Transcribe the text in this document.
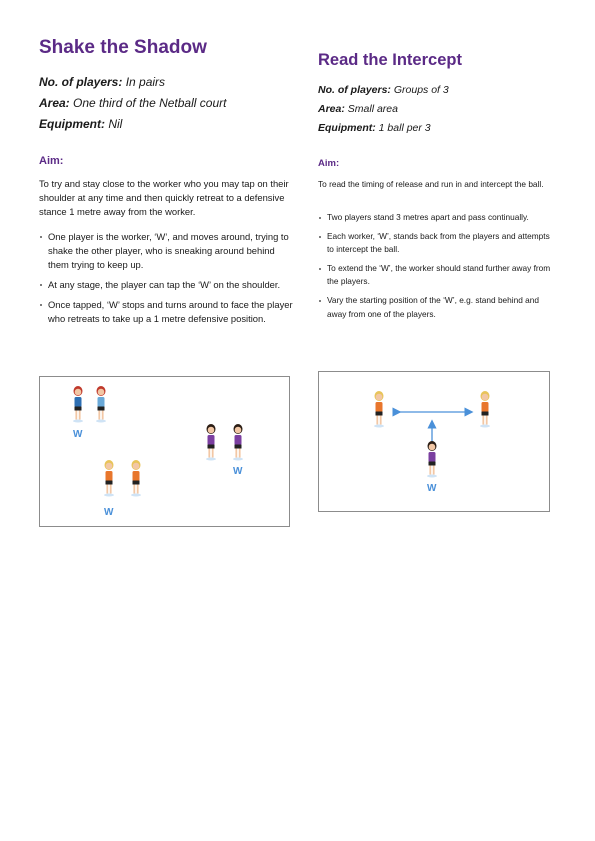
Shake the Shadow

No. of players: In pairs

Area: One third of the Netball court

Equipment: Nil

Aim:

To try and stay close to the worker who you may tap on their shoulder at any time and then quickly retreat to a defensive stance 1 metre away from the worker.

One player is the worker, ‘W’, and moves around, trying to shake the other player, who is sneaking around behind them trying to keep up.
At any stage, the player can tap the ‘W’ on the shoulder.
Once tapped, ‘W’ stops and turns around to face the player who retreats to take up a 1 metre defensive position.
W
W
W
Read the Intercept

No. of players: Groups of 3

Area: Small area

Equipment: 1 ball per 3

Aim:

To read the timing of release and run in and intercept the ball.

Two players stand 3 metres apart and pass continually.
Each worker, ‘W’, stands back from the players and attempts to intercept the ball.
To extend the ‘W’, the worker should stand further away from the players.
Vary the starting position of the ‘W’, e.g. stand behind and away from one of the players.
W
